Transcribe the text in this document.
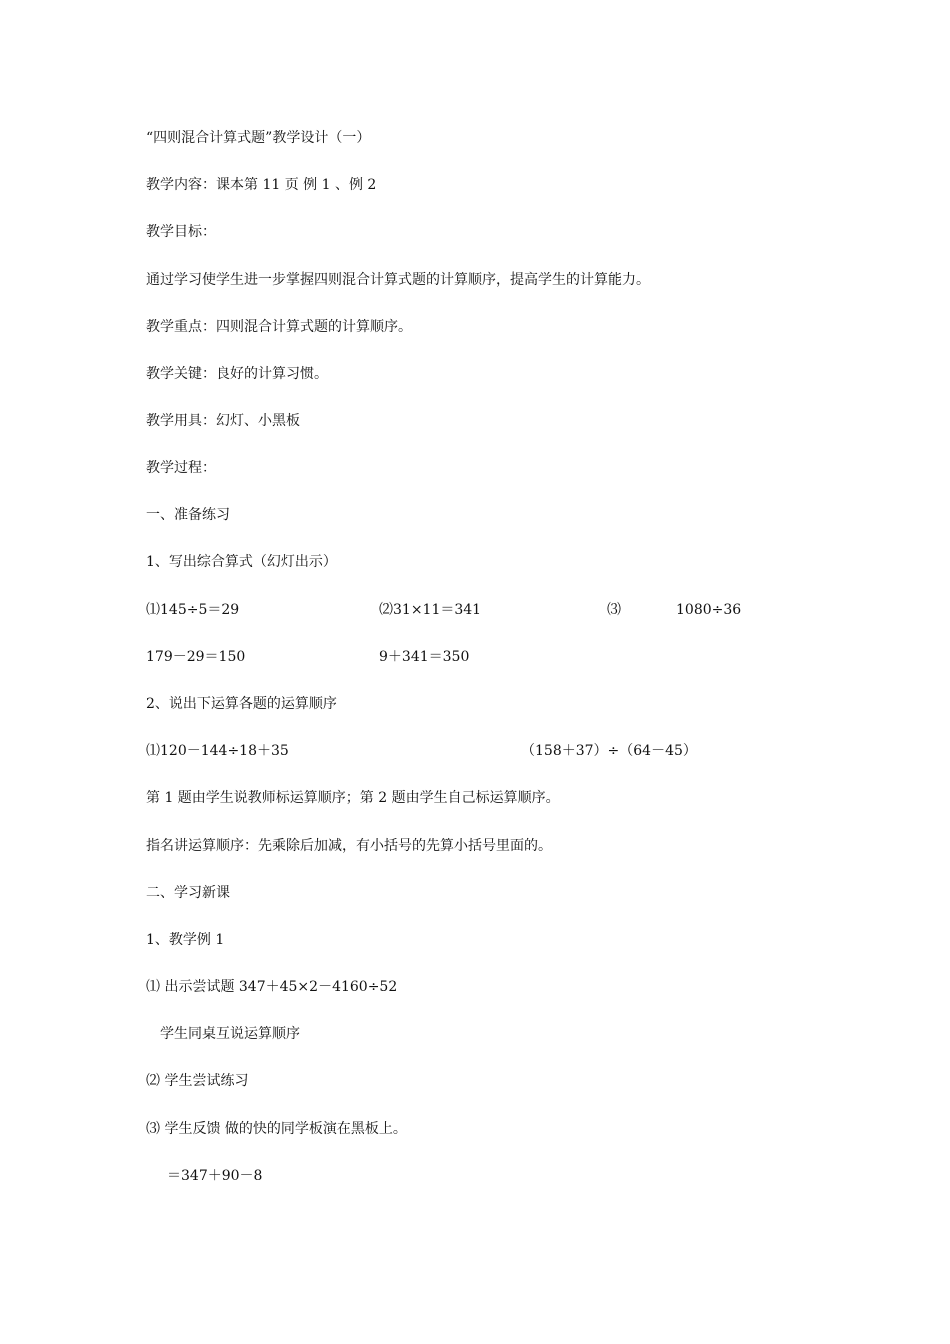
“四则混合计算式题”教学设计（一）
教学内容：课本第 11 页 例 1 、例 2
教学目标：
通过学习使学生进一步掌握四则混合计算式题的计算顺序，提高学生的计算能力。
教学重点：四则混合计算式题的计算顺序。
教学关键：良好的计算习惯。
教学用具：幻灯、小黑板
教学过程：
一、准备练习
1、写出综合算式（幻灯出示）
⑴145÷5＝29	⑵31×11＝341	⑶	1080÷36
179－29＝150	9＋341＝350
2、说出下运算各题的运算顺序
⑴120－144÷18＋35	（158＋37）÷（64－45）
第 1 题由学生说教师标运算顺序；第 2 题由学生自己标运算顺序。
指名讲运算顺序：先乘除后加减，有小括号的先算小括号里面的。
二、学习新课
1、教学例 1
⑴ 出示尝试题 347＋45×2－4160÷52
学生同桌互说运算顺序
⑵ 学生尝试练习
⑶ 学生反馈 做的快的同学板演在黑板上。
＝347＋90－8
